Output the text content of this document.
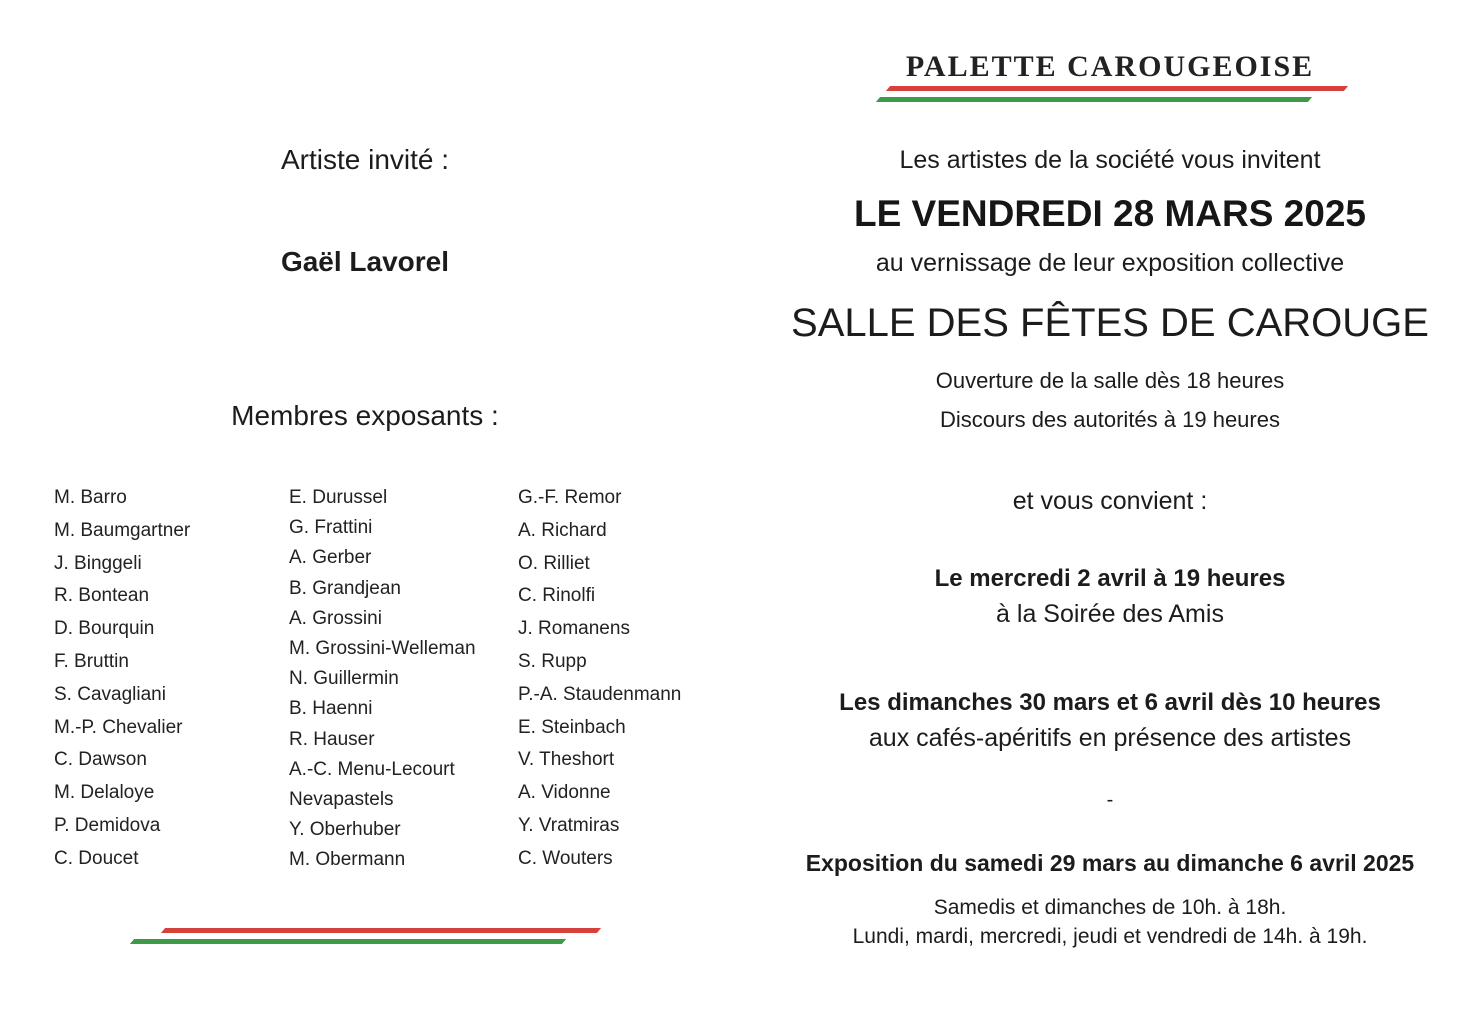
PALETTE CAROUGEOISE
Artiste invité :
Gaël Lavorel
Membres exposants :
M. Barro
M. Baumgartner
J. Binggeli
R. Bontean
D. Bourquin
F. Bruttin
S. Cavagliani
M.-P. Chevalier
C. Dawson
M. Delaloye
P. Demidova
C. Doucet
E. Durussel
G. Frattini
A. Gerber
B. Grandjean
A. Grossini
M. Grossini-Welleman
N. Guillermin
B. Haenni
R. Hauser
A.-C. Menu-Lecourt
Nevapastels
Y. Oberhuber
M. Obermann
G.-F. Remor
A. Richard
O. Rilliet
C. Rinolfi
J. Romanens
S. Rupp
P.-A. Staudenmann
E. Steinbach
V. Theshort
A. Vidonne
Y. Vratmiras
C. Wouters
Les artistes de la société vous invitent
LE VENDREDI 28 MARS 2025
au vernissage de leur exposition collective
SALLE DES FÊTES DE CAROUGE
Ouverture de la salle dès 18 heures
Discours des autorités à 19 heures
et vous convient :
Le mercredi 2 avril à 19 heures
à la Soirée des Amis
Les dimanches 30 mars et 6 avril dès 10 heures
aux cafés-apéritifs en présence des artistes
-
Exposition du samedi 29 mars au dimanche 6 avril 2025
Samedis et dimanches de 10h. à 18h.
Lundi, mardi, mercredi, jeudi et vendredi de 14h. à 19h.
